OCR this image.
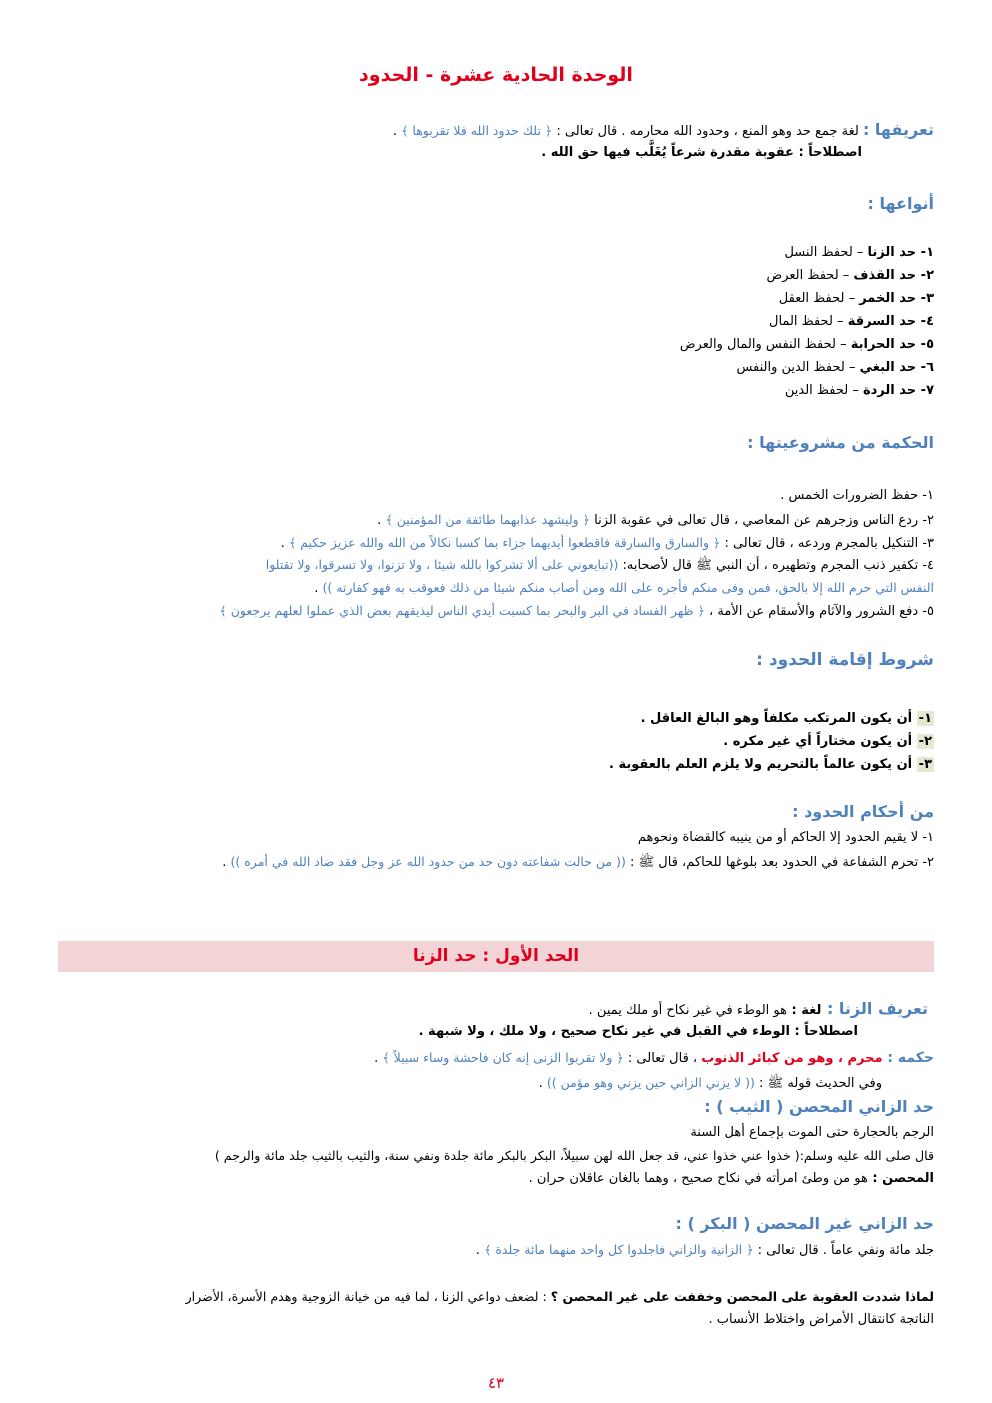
الوحدة الحادية عشرة - الحدود
تعريفها : لغة جمع حد وهو المنع ، وحدود الله محارمه . قال تعالى : ﴿ تلك حدود الله فلا تقربوها ﴾ .
اصطلاحاً : عقوبة مقدرة شرعاً يُغَلَّب فيها حق الله .
أنواعها :
١- حد الزنا – لحفظ النسل
٢- حد القذف – لحفظ العرض
٣- حد الخمر – لحفظ العقل
٤- حد السرقة – لحفظ المال
٥- حد الحرابة – لحفظ النفس والمال والعرض
٦- حد البغي – لحفظ الدين والنفس
٧- حد الردة – لحفظ الدين
الحكمة من مشروعيتها :
١- حفظ الضرورات الخمس .
٢- ردع الناس وزجرهم عن المعاصي ، قال تعالى في عقوبة الزنا ﴿ وليشهد عذابهما طائفة من المؤمنين ﴾ .
٣- التنكيل بالمجرم وردعه ، قال تعالى : ﴿ والسارق والسارقة فاقطعوا أيديهما جزاء بما كسبا نكالاً من الله والله عزيز حكيم ﴾ .
٤- تكفير ذنب المجرم وتطهيره ، أن النبي ﷺ قال لأصحابه: ((تبايعوني على ألا تشركوا بالله شيئا ، ولا تزنوا، ولا تسرقوا، ولا تقتلوا
النفس التي حرم الله إلا بالحق، فمن وفى منكم فأجره على الله ومن أصاب منكم شيئا من ذلك فعوقب به فهو كفارته )) .
٥- دفع الشرور والآثام والأسقام عن الأمة ، ﴿ ظهر الفساد في البر والبحر بما كسبت أيدي الناس ليذيقهم بعض الذي عملوا لعلهم يرجعون ﴾
شروط إقامة الحدود :
١- أن يكون المرتكب مكلفاً وهو البالغ العاقل .
٢- أن يكون مختاراً أي غير مكره .
٣- أن يكون عالماً بالتحريم ولا يلزم العلم بالعقوبة .
من أحكام الحدود :
١- لا يقيم الحدود إلا الحاكم أو من ينيبه كالقضاة ونحوهم
٢- تحرم الشفاعة في الحدود بعد بلوغها للحاكم، قال ﷺ : (( من حالت شفاعته دون حد من حدود الله عز وجل فقد ضاد الله في أمره )) .
الحد الأول : حد الزنا
تعريف الزنا : لغة : هو الوطء في غير نكاح أو ملك يمين .
اصطلاحاً : الوطء في القبل في غير نكاح صحيح ، ولا ملك ، ولا شبهة .
حكمه : محرم ، وهو من كبائر الذنوب ، قال تعالى : ﴿ ولا تقربوا الزنى إنه كان فاحشة وساء سبيلاً ﴾ .
وفي الحديث قوله ﷺ : (( لا يزني الزاني حين يزني وهو مؤمن )) .
حد الزاني المحصن ( الثيب ) :
الرجم بالحجارة حتى الموت بإجماع أهل السنة
قال صلى الله عليه وسلم:( خذوا عني خذوا عني، قد جعل الله لهن سبيلاً، البكر بالبكر مائة جلدة ونفي سنة، والثيب بالثيب جلد مائة والرجم )
المحصن : هو من وطئ امرأته في نكاح صحيح ، وهما بالغان عاقلان حران .
حد الزاني غير المحصن ( البكر ) :
جلد مائة ونفي عاماً . قال تعالى : ﴿ الزانية والزاني فاجلدوا كل واحد منهما مائة جلدة ﴾ .
لماذا شددت العقوبة على المحصن وخففت على غير المحصن ؟ : لضعف دواعي الزنا ، لما فيه من خيانة الزوجية وهدم الأسرة، الأضرار
الناتجة كانتقال الأمراض واختلاط الأنساب .
٤٣
